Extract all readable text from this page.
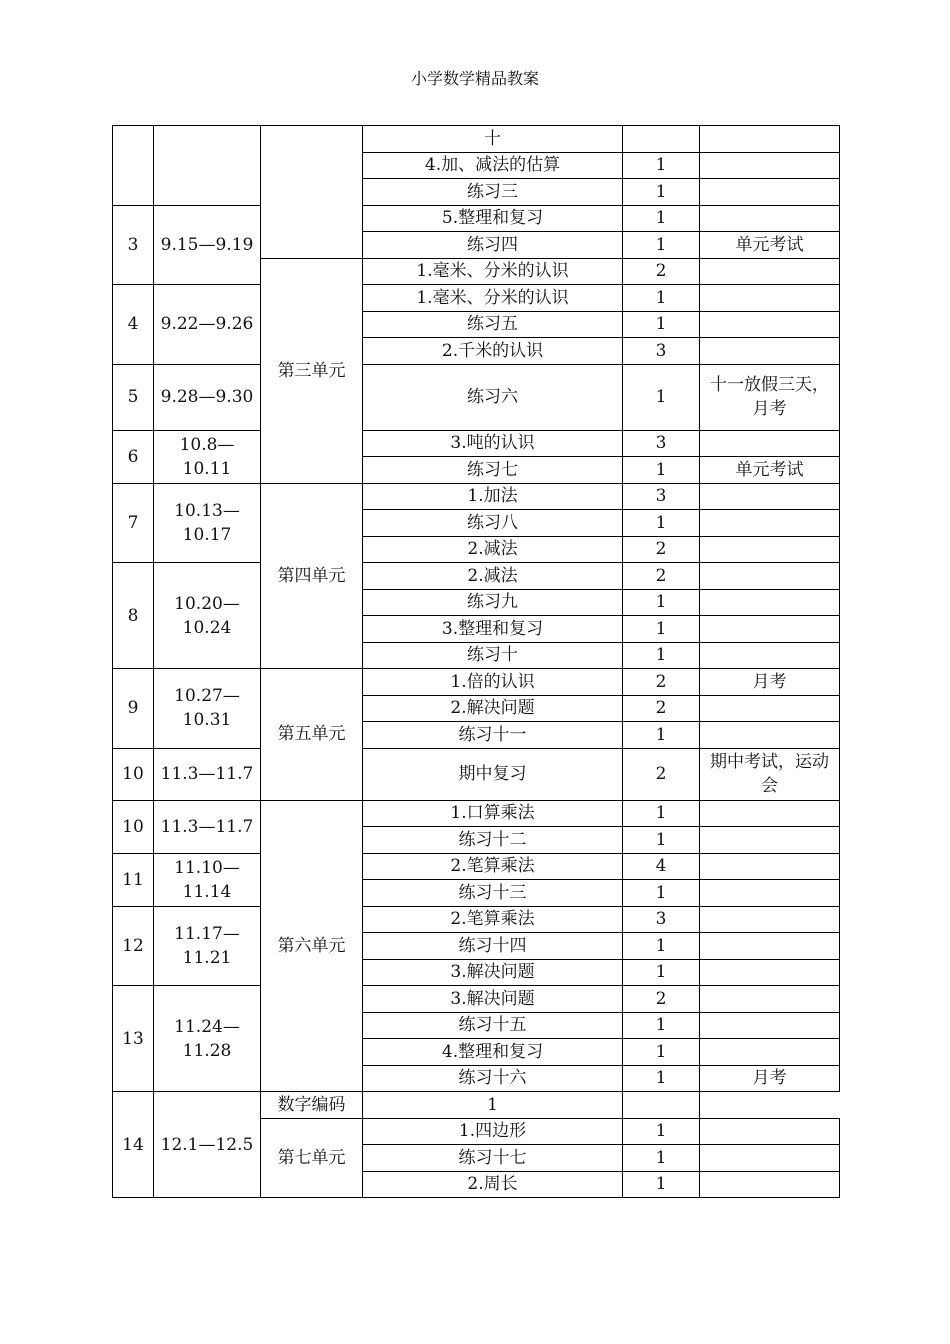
小学数学精品教案
			十		
			4.加、减法的估算	1	
			练习三	1	
3	9.15—9.19		5.整理和复习	1	
			练习四	1	单元考试
		第三单元	1.毫米、分米的认识	2	
4	9.22—9.26		1.毫米、分米的认识	1	
			练习五	1	
			2.千米的认识	3	
5	9.28—9.30		练习六	1	十一放假三天，月考
6	10.8—10.11		3.吨的认识	3	
			练习七	1	单元考试
7	10.13—10.17	第四单元	1.加法	3	
			练习八	1	
			2.减法	2	
8	10.20—10.24		2.减法	2	
			练习九	1	
			3.整理和复习	1	
			练习十	1	
9	10.27—10.31	第五单元	1.倍的认识	2	月考
			2.解决问题	2	
			练习十一	1	
10	11.3—11.7		期中复习	2	期中考试，运动会
10	11.3—11.7	第六单元	1.口算乘法	1	
			练习十二	1	
11	11.10—11.14		2.笔算乘法	4	
			练习十三	1	
12	11.17—11.21		2.笔算乘法	3	
			练习十四	1	
			3.解决问题	1	
13	11.24—11.28		3.解决问题	2	
			练习十五	1	
			4.整理和复习	1	
			练习十六	1	月考
14	12.1—12.5	数字编码	1		
		第七单元	1.四边形	1	
			练习十七	1	
			2.周长	1	
